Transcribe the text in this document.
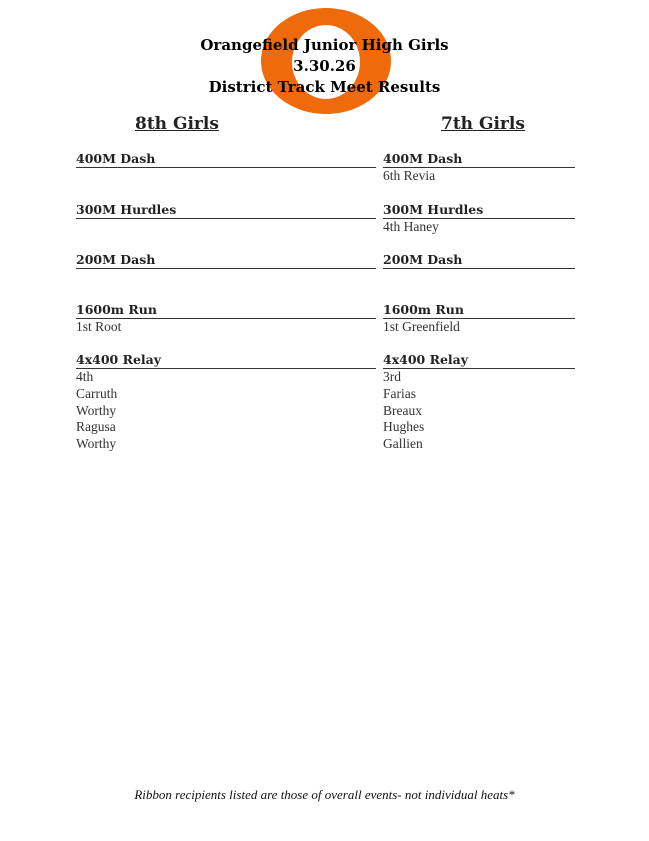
Orangefield Junior High Girls
3.30.26
District Track Meet Results
8th Girls	7th Girls
400M Dash
300M Hurdles
200M Dash
1600m Run
1st Root
4x400 Relay
4th
Carruth
Worthy
Ragusa
Worthy
400M Dash
6th Revia
300M Hurdles
4th Haney
200M Dash
1600m Run
1st Greenfield
4x400 Relay
3rd
Farias
Breaux
Hughes
Gallien
Ribbon recipients listed are those of overall events- not individual heats*
